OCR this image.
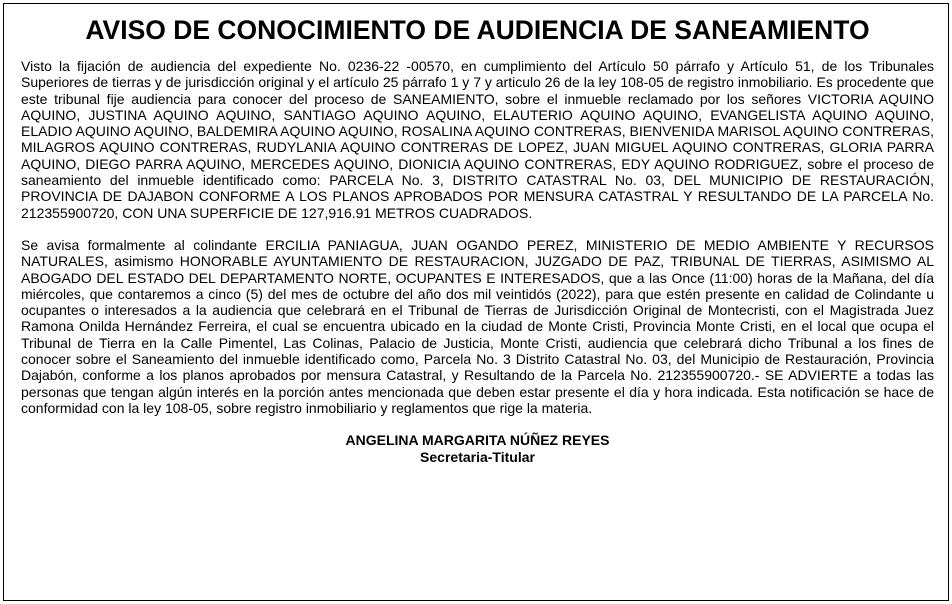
AVISO DE CONOCIMIENTO DE AUDIENCIA DE SANEAMIENTO

Visto la fijación de audiencia del expediente No. 0236-22 -00570, en cumplimiento del Artículo 50 párrafo y Artículo 51, de los Tribunales Superiores de tierras y de jurisdicción original y el artículo 25 párrafo 1 y 7 y articulo 26 de la ley 108-05 de registro inmobiliario. Es procedente que este tribunal fije audiencia para conocer del proceso de SANEAMIENTO, sobre el inmueble reclamado por los señores VICTORIA AQUINO AQUINO, JUSTINA AQUINO AQUINO, SANTIAGO AQUINO AQUINO, ELAUTERIO AQUINO AQUINO, EVANGELISTA AQUINO AQUINO, ELADIO AQUINO AQUINO, BALDEMIRA AQUINO AQUINO, ROSALINA AQUINO CONTRERAS, BIENVENIDA MARISOL AQUINO CONTRERAS, MILAGROS AQUINO CONTRERAS, RUDYLANIA AQUINO CONTRERAS DE LOPEZ, JUAN MIGUEL AQUINO CONTRERAS, GLORIA PARRA AQUINO, DIEGO PARRA AQUINO, MERCEDES AQUINO, DIONICIA AQUINO CONTRERAS, EDY AQUINO RODRIGUEZ, sobre el proceso de saneamiento del inmueble identificado como: PARCELA No. 3, DISTRITO CATASTRAL No. 03, DEL MUNICIPIO DE RESTAURACIÓN, PROVINCIA DE DAJABON CONFORME A LOS PLANOS APROBADOS POR MENSURA CATASTRAL Y RESULTANDO DE LA PARCELA No. 212355900720, CON UNA SUPERFICIE DE 127,916.91 METROS CUADRADOS.

Se avisa formalmente al colindante ERCILIA PANIAGUA, JUAN OGANDO PEREZ, MINISTERIO DE MEDIO AMBIENTE Y RECURSOS NATURALES, asimismo HONORABLE AYUNTAMIENTO DE RESTAURACION, JUZGADO DE PAZ, TRIBUNAL DE TIERRAS, ASIMISMO AL ABOGADO DEL ESTADO DEL DEPARTAMENTO NORTE, OCUPANTES E INTERESADOS, que a las Once (11:00) horas de la Mañana, del día miércoles, que contaremos a cinco (5) del mes de octubre del año dos mil veintidós (2022), para que estén presente en calidad de Colindante u ocupantes o interesados a la audiencia que celebrará en el Tribunal de Tierras de Jurisdicción Original de Montecristi, con el Magistrada Juez Ramona Onilda Hernández Ferreira, el cual se encuentra ubicado en la ciudad de Monte Cristi, Provincia Monte Cristi, en el local que ocupa el Tribunal de Tierra en la Calle Pimentel, Las Colinas, Palacio de Justicia, Monte Cristi, audiencia que celebrará dicho Tribunal a los fines de conocer sobre el Saneamiento del inmueble identificado como, Parcela No. 3 Distrito Catastral No. 03, del Municipio de Restauración, Provincia Dajabón, conforme a los planos aprobados por mensura Catastral, y Resultando de la Parcela No. 212355900720.- SE ADVIERTE a todas las personas que tengan algún interés en la porción antes mencionada que deben estar presente el día y hora indicada. Esta notificación se hace de conformidad con la ley 108-05, sobre registro inmobiliario y reglamentos que rige la materia.

ANGELINA MARGARITA NÚÑEZ REYES
Secretaria-Titular
